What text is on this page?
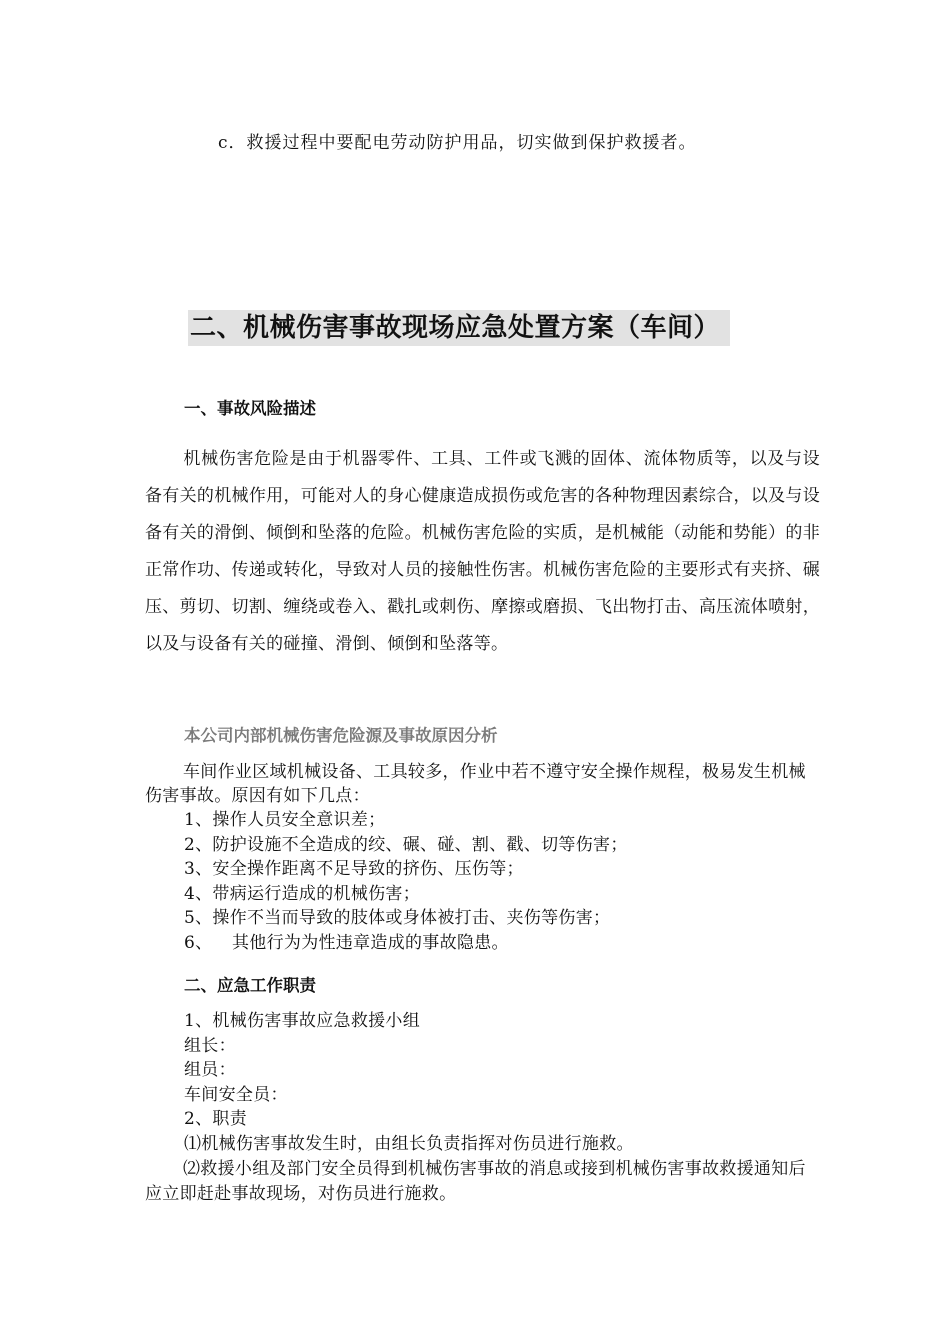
c．救援过程中要配电劳动防护用品，切实做到保护救援者。
二、机械伤害事故现场应急处置方案（车间）
一、事故风险描述
机械伤害危险是由于机器零件、工具、工件或飞溅的固体、流体物质等，以及与设备有关的机械作用，可能对人的身心健康造成损伤或危害的各种物理因素综合，以及与设备有关的滑倒、倾倒和坠落的危险。机械伤害危险的实质，是机械能（动能和势能）的非正常作功、传递或转化，导致对人员的接触性伤害。机械伤害危险的主要形式有夹挤、碾压、剪切、切割、缠绕或卷入、戳扎或刺伤、摩擦或磨损、飞出物打击、高压流体喷射，以及与设备有关的碰撞、滑倒、倾倒和坠落等。
本公司内部机械伤害危险源及事故原因分析
车间作业区域机械设备、工具较多，作业中若不遵守安全操作规程，极易发生机械伤害事故。原因有如下几点：
1、操作人员安全意识差；
2、防护设施不全造成的绞、碾、碰、割、戳、切等伤害；
3、安全操作距离不足导致的挤伤、压伤等；
4、带病运行造成的机械伤害；
5、操作不当而导致的肢体或身体被打击、夹伤等伤害；
6、 其他行为为性违章造成的事故隐患。
二、应急工作职责
1、机械伤害事故应急救援小组
组长：
组员：
车间安全员：
2、职责
⑴机械伤害事故发生时，由组长负责指挥对伤员进行施救。
⑵救援小组及部门安全员得到机械伤害事故的消息或接到机械伤害事故救援通知后应立即赶赴事故现场，对伤员进行施救。
